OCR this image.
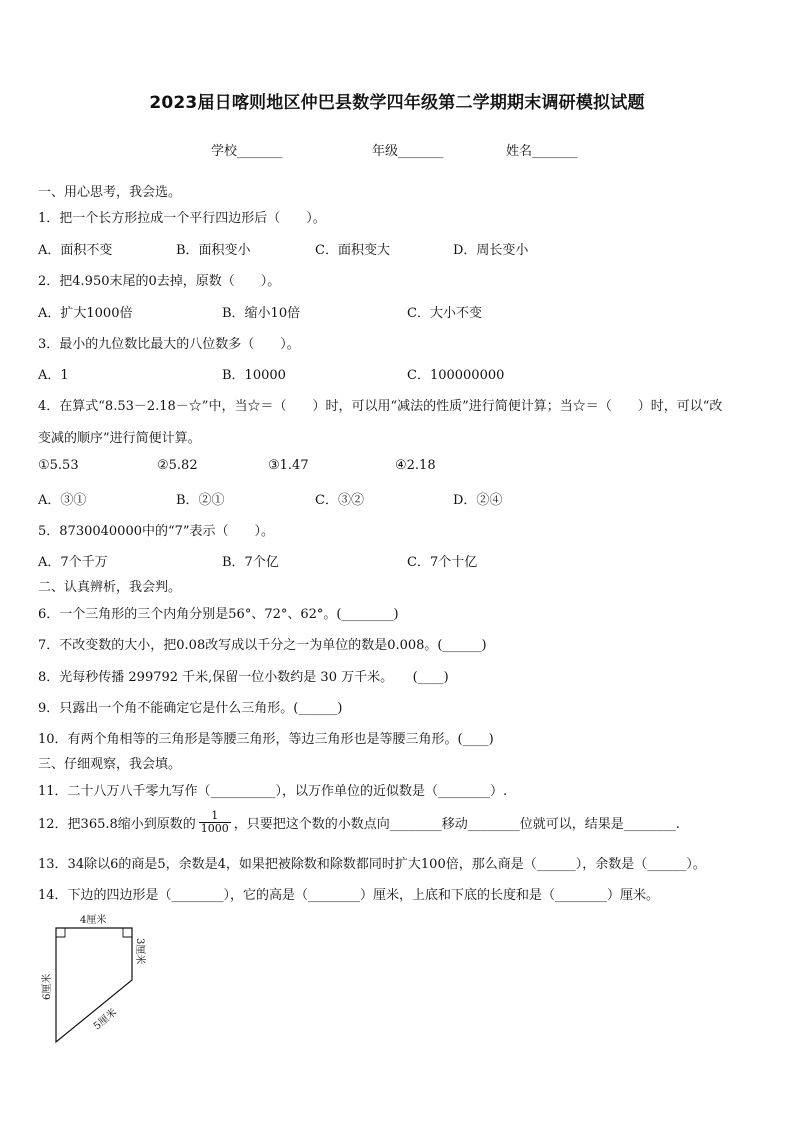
2023届日喀则地区仲巴县数学四年级第二学期期末调研模拟试题
学校_______	年级_______	姓名_______
一、用心思考，我会选。
1．把一个长方形拉成一个平行四边形后（　　）。
A．面积不变	B．面积变小	C．面积变大	D．周长变小
2．把4.950末尾的0去掉，原数（　　）。
A．扩大1000倍	B．缩小10倍	C．大小不变
3．最小的九位数比最大的八位数多（　　）。
A．1	B．10000	C．100000000
4．在算式“8.53－2.18－☆”中，当☆＝（　　）时，可以用“减法的性质”进行简便计算；当☆＝（　　）时，可以“改
变减的顺序”进行简便计算。
①5.53	②5.82	③1.47	④2.18
A．③①	B．②①	C．③②	D．②④
5．8730040000中的“7”表示（　　）。
A．7个千万	B．7个亿	C．7个十亿
二、认真辨析，我会判。
6．一个三角形的三个内角分别是56°、72°、62°。(________)
7．不改变数的大小，把0.08改写成以千分之一为单位的数是0.008。(______)
8．光每秒传播 299792 千米,保留一位小数约是 30 万千米。　　(____)
9．只露出一个角不能确定它是什么三角形。(______)
10．有两个角相等的三角形是等腰三角形，等边三角形也是等腰三角形。(____)
三、仔细观察，我会填。
11．二十八万八千零九写作（__________），以万作单位的近似数是（________）.
12．把365.8缩小到原数的 $\frac{1}{1000}$ ，只要把这个数的小数点向________移动________位就可以，结果是________.
13．34除以6的商是5，余数是4，如果把被除数和除数都同时扩大100倍，那么商是（______），余数是（______）。
14．下边的四边形是（________），它的高是（________）厘米，上底和下底的长度和是（________）厘米。
4厘米
3厘米
6厘米
5厘米
